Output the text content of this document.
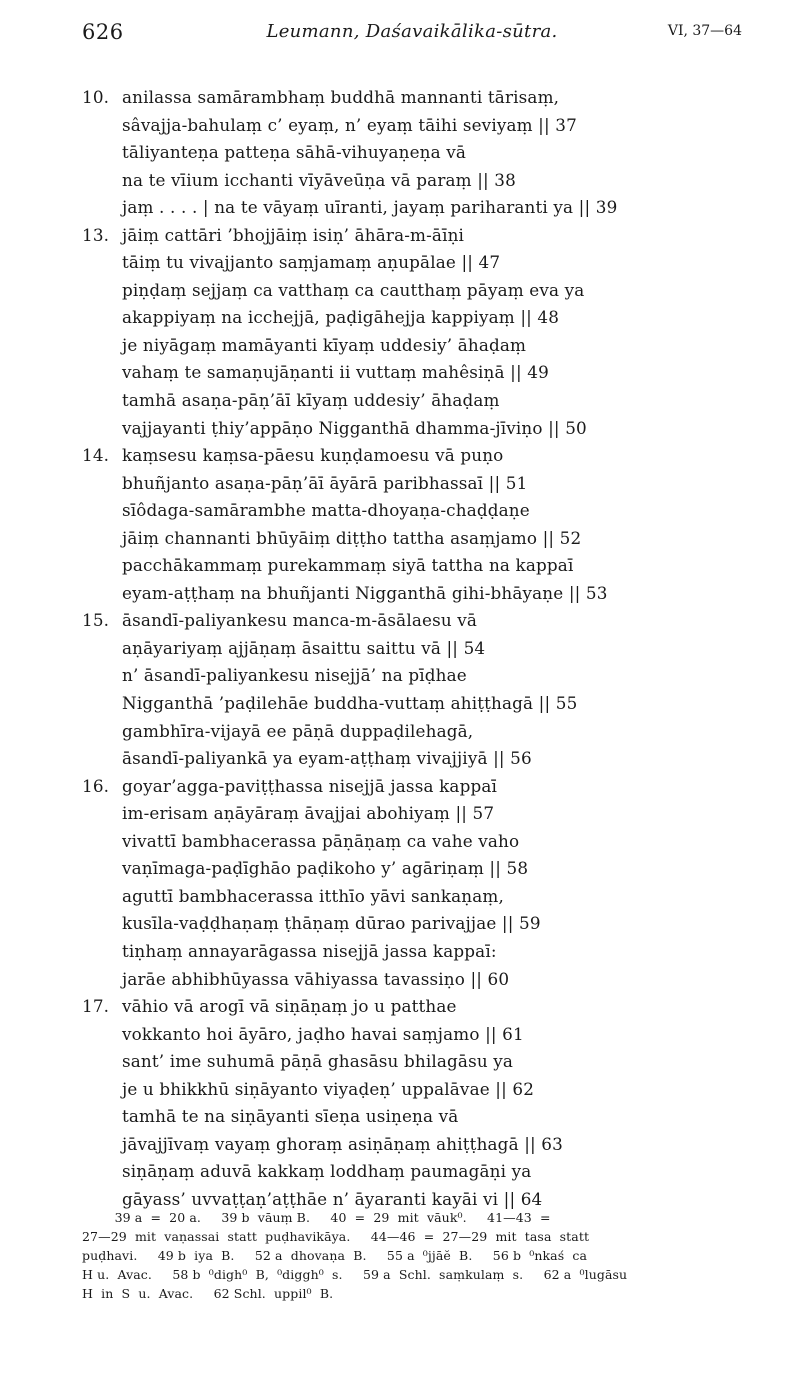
626	Leumann, Daśavaikālika-sūtra.	VI, 37—64
10. anilassa samārambhaṃ buddhā mannanti tārisaṃ,
sâvajja-bahulaṃ c’ eyaṃ, n’ eyaṃ tāihi seviyaṃ || 37
tāliyanteṇa patteṇa sāhā-vihuyaṇeṇa vā
na te vīium icchanti vīyāveūṇa vā paraṃ || 38
jaṃ . . . . | na te vāyaṃ uīranti, jayaṃ pariharanti ya || 39
13. jāiṃ cattāri ’bhojjāiṃ isiṇ’ āhāra-m-āīṇi
tāiṃ tu vivajjanto saṃjamaṃ aṇupālae || 47
piṇḍaṃ sejjaṃ ca vatthaṃ ca cautthaṃ pāyaṃ eva ya
akappiyaṃ na icchejjā, paḍigāhejja kappiyaṃ || 48
je niyāgaṃ mamāyanti kīyaṃ uddesiy’ āhaḍaṃ
vahaṃ te samaṇujāṇanti ii vuttaṃ mahêsiṇā || 49
tamhā asaṇa-pāṇ’āī kīyaṃ uddesiy’ āhaḍaṃ
vajjayanti ṭhiy’appāṇo Nigganthā dhamma-jīviṇo || 50
14. kaṃsesu kaṃsa-pāesu kuṇḍamoesu vā puṇo
bhuñjanto asaṇa-pāṇ’āī āyārā paribhassaī || 51
sīôdaga-samārambhe matta-dhoyaṇa-chaḍḍaṇe
jāiṃ channanti bhūyāiṃ diṭṭho tattha asaṃjamo || 52
pacchākammaṃ purekammaṃ siyā tattha na kappaī
eyam-aṭṭhaṃ na bhuñjanti Nigganthā gihi-bhāyaṇe || 53
15. āsandī-paliyankesu manca-m-āsālaesu vā
aṇāyariyaṃ ajjāṇaṃ āsaittu saittu vā || 54
n’ āsandī-paliyankesu nisejjā’ na pīḍhae
Nigganthā ’paḍilehāe buddha-vuttaṃ ahiṭṭhagā || 55
gambhīra-vijayā ee pāṇā duppaḍilehagā,
āsandī-paliyankā ya eyam-aṭṭhaṃ vivajjiyā || 56
16. goyar’agga-paviṭṭhassa nisejjā jassa kappaī
im-erisam aṇāyāraṃ āvajjai abohiyaṃ || 57
vivattī bambhacerassa pāṇāṇaṃ ca vahe vaho
vaṇīmaga-paḍīghāo paḍikoho y’ agāriṇaṃ || 58
aguttī bambhacerassa itthīo yāvi sankaṇaṃ,
kusīla-vaḍḍhaṇaṃ ṭhāṇaṃ dūrao parivajjae || 59
tiṇhaṃ annayarāgassa nisejjā jassa kappaī:
jarāe abhibhūyassa vāhiyassa tavassiṇo || 60
17. vāhio vā arogī vā siṇāṇaṃ jo u patthae
vokkanto hoi āyāro, jaḍho havai saṃjamo || 61
sant’ ime suhumā pāṇā ghasāsu bhilagāsu ya
je u bhikkhū siṇāyanto viyaḍeṇ’ uppalāvae || 62
tamhā te na siṇāyanti sīeṇa usiṇeṇa vā
jāvajjīvaṃ vayaṃ ghoraṃ asiṇāṇaṃ ahiṭṭhagā || 63
siṇāṇaṃ aduvā kakkaṃ loddhaṃ paumagāṇi ya
gāyass’ uvvaṭṭaṇ’aṭṭhāe n’ āyaranti kayāi vi || 64
39 a  =  20 a.     39 b  vāuṃ B.     40  =  29  mit  vāuk⁰.     41—43  =
27—29  mit  vaṇassai  statt  puḍhavikāya.     44—46  =  27—29  mit  tasa  statt
puḍhavi.     49 b  iya  B.     52 a  dhovaṇa  B.     55 a  ⁰jjāĕ  B.     56 b  ⁰nkaś  ca
H u.  Avac.     58 b  ⁰digh⁰  B,  ⁰diggh⁰  s.     59 a  Schl.  saṃkulaṃ  s.     62 a  ⁰lugāsu
H  in  S  u.  Avac.     62 Schl.  uppil⁰  B.
